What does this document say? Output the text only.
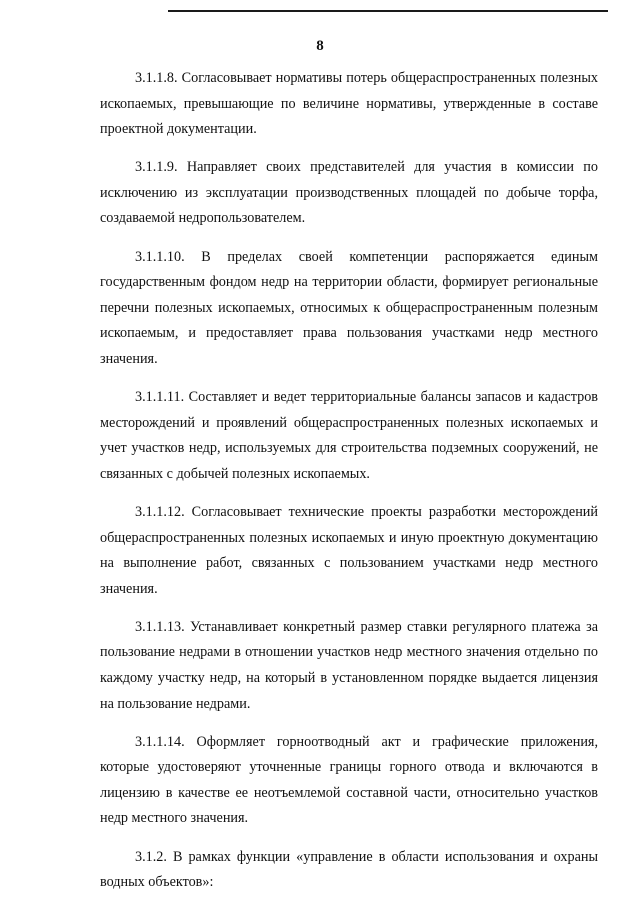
8

3.1.1.8. Согласовывает нормативы потерь общераспространенных полезных ископаемых, превышающие по величине нормативы, утвержденные в составе проектной документации.

3.1.1.9. Направляет своих представителей для участия в комиссии по исключению из эксплуатации производственных площадей по добыче торфа, создаваемой недропользователем.

3.1.1.10. В пределах своей компетенции распоряжается единым государственным фондом недр на территории области, формирует региональные перечни полезных ископаемых, относимых к общераспространенным полезным ископаемым, и предоставляет права пользования участками недр местного значения.

3.1.1.11. Составляет и ведет территориальные балансы запасов и кадастров месторождений и проявлений общераспространенных полезных ископаемых и учет участков недр, используемых для строительства подземных сооружений, не связанных с добычей полезных ископаемых.

3.1.1.12. Согласовывает технические проекты разработки месторождений общераспространенных полезных ископаемых и иную проектную документацию на выполнение работ, связанных с пользованием участками недр местного значения.

3.1.1.13. Устанавливает конкретный размер ставки регулярного платежа за пользование недрами в отношении участков недр местного значения отдельно по каждому участку недр, на который в установленном порядке выдается лицензия на пользование недрами.

3.1.1.14. Оформляет горноотводный акт и графические приложения, которые удостоверяют уточненные границы горного отвода и включаются в лицензию в качестве ее неотъемлемой составной части, относительно участков недр местного значения.

3.1.2. В рамках функции «управление в области использования и охраны водных объектов»:
